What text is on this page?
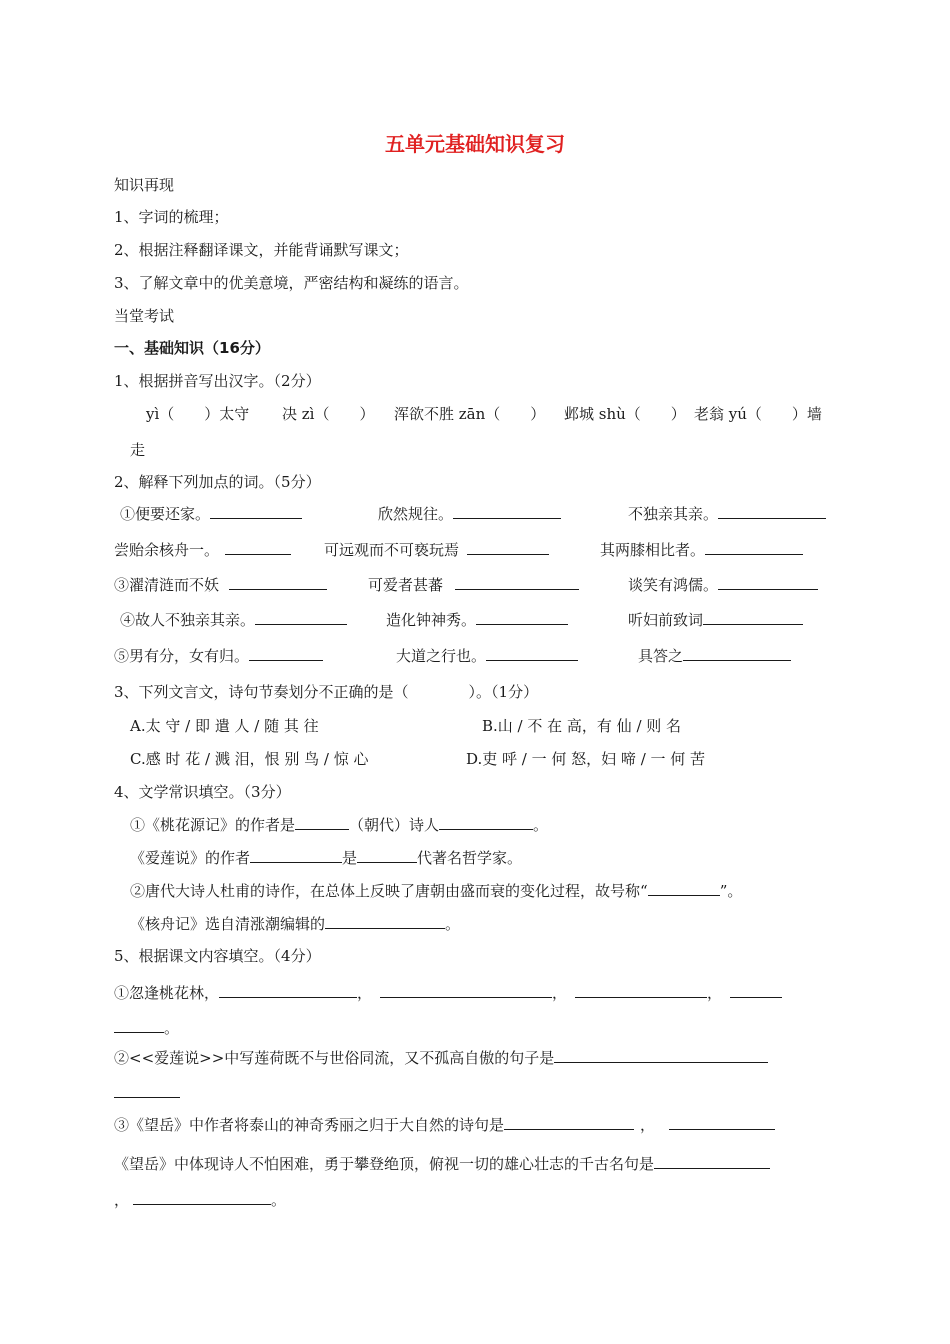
五单元基础知识复习
知识再现
1、字词的梳理；
2、根据注释翻译课文，并能背诵默写课文；
3、了解文章中的优美意境，严密结构和凝练的语言。
当堂考试
一、基础知识（16分）
1、根据拼音写出汉字。（2分）
yì（　　）太守 决 zì（　　） 浑欲不胜 zān（　　） 邺城 shù（　　） 老翁 yú（　　）墙
走
2、解释下列加点的词。（5分）
①便要还家。	欣然规往。	不独亲其亲。
尝贻余核舟一。	可远观而不可亵玩焉	其两膝相比者。
③濯清涟而不妖	可爱者甚蕃	谈笑有鸿儒。
④故人不独亲其亲。	造化钟神秀。	听妇前致词
⑤男有分，女有归。	大道之行也。	具答之
3、下列文言文，诗句节奏划分不正确的是（　　　　）。（1分）
A.太 守 / 即 遣 人 / 随 其 往	B.山 / 不 在 高，有 仙 / 则 名
C.感 时 花 / 溅 泪，恨 别 鸟 / 惊 心	D.吏 呼 / 一 何 怒，妇 啼 / 一 何 苦
4、文学常识填空。（3分）
①《桃花源记》的作者是	（朝代）诗人	。
《爱莲说》的作者	是	代著名哲学家。
②唐代大诗人杜甫的诗作，在总体上反映了唐朝由盛而衰的变化过程，故号称“	”。
《核舟记》选自清涨潮编辑的	。
5、根据课文内容填空。（4分）
①忽逢桃花林，	，	，	，
。
②<<爱莲说>>中写莲荷既不与世俗同流，又不孤高自傲的句子是
③《望岳》中作者将泰山的神奇秀丽之归于大自然的诗句是	，
《望岳》中体现诗人不怕困难，勇于攀登绝顶，俯视一切的雄心壮志的千古名句是
，	。
